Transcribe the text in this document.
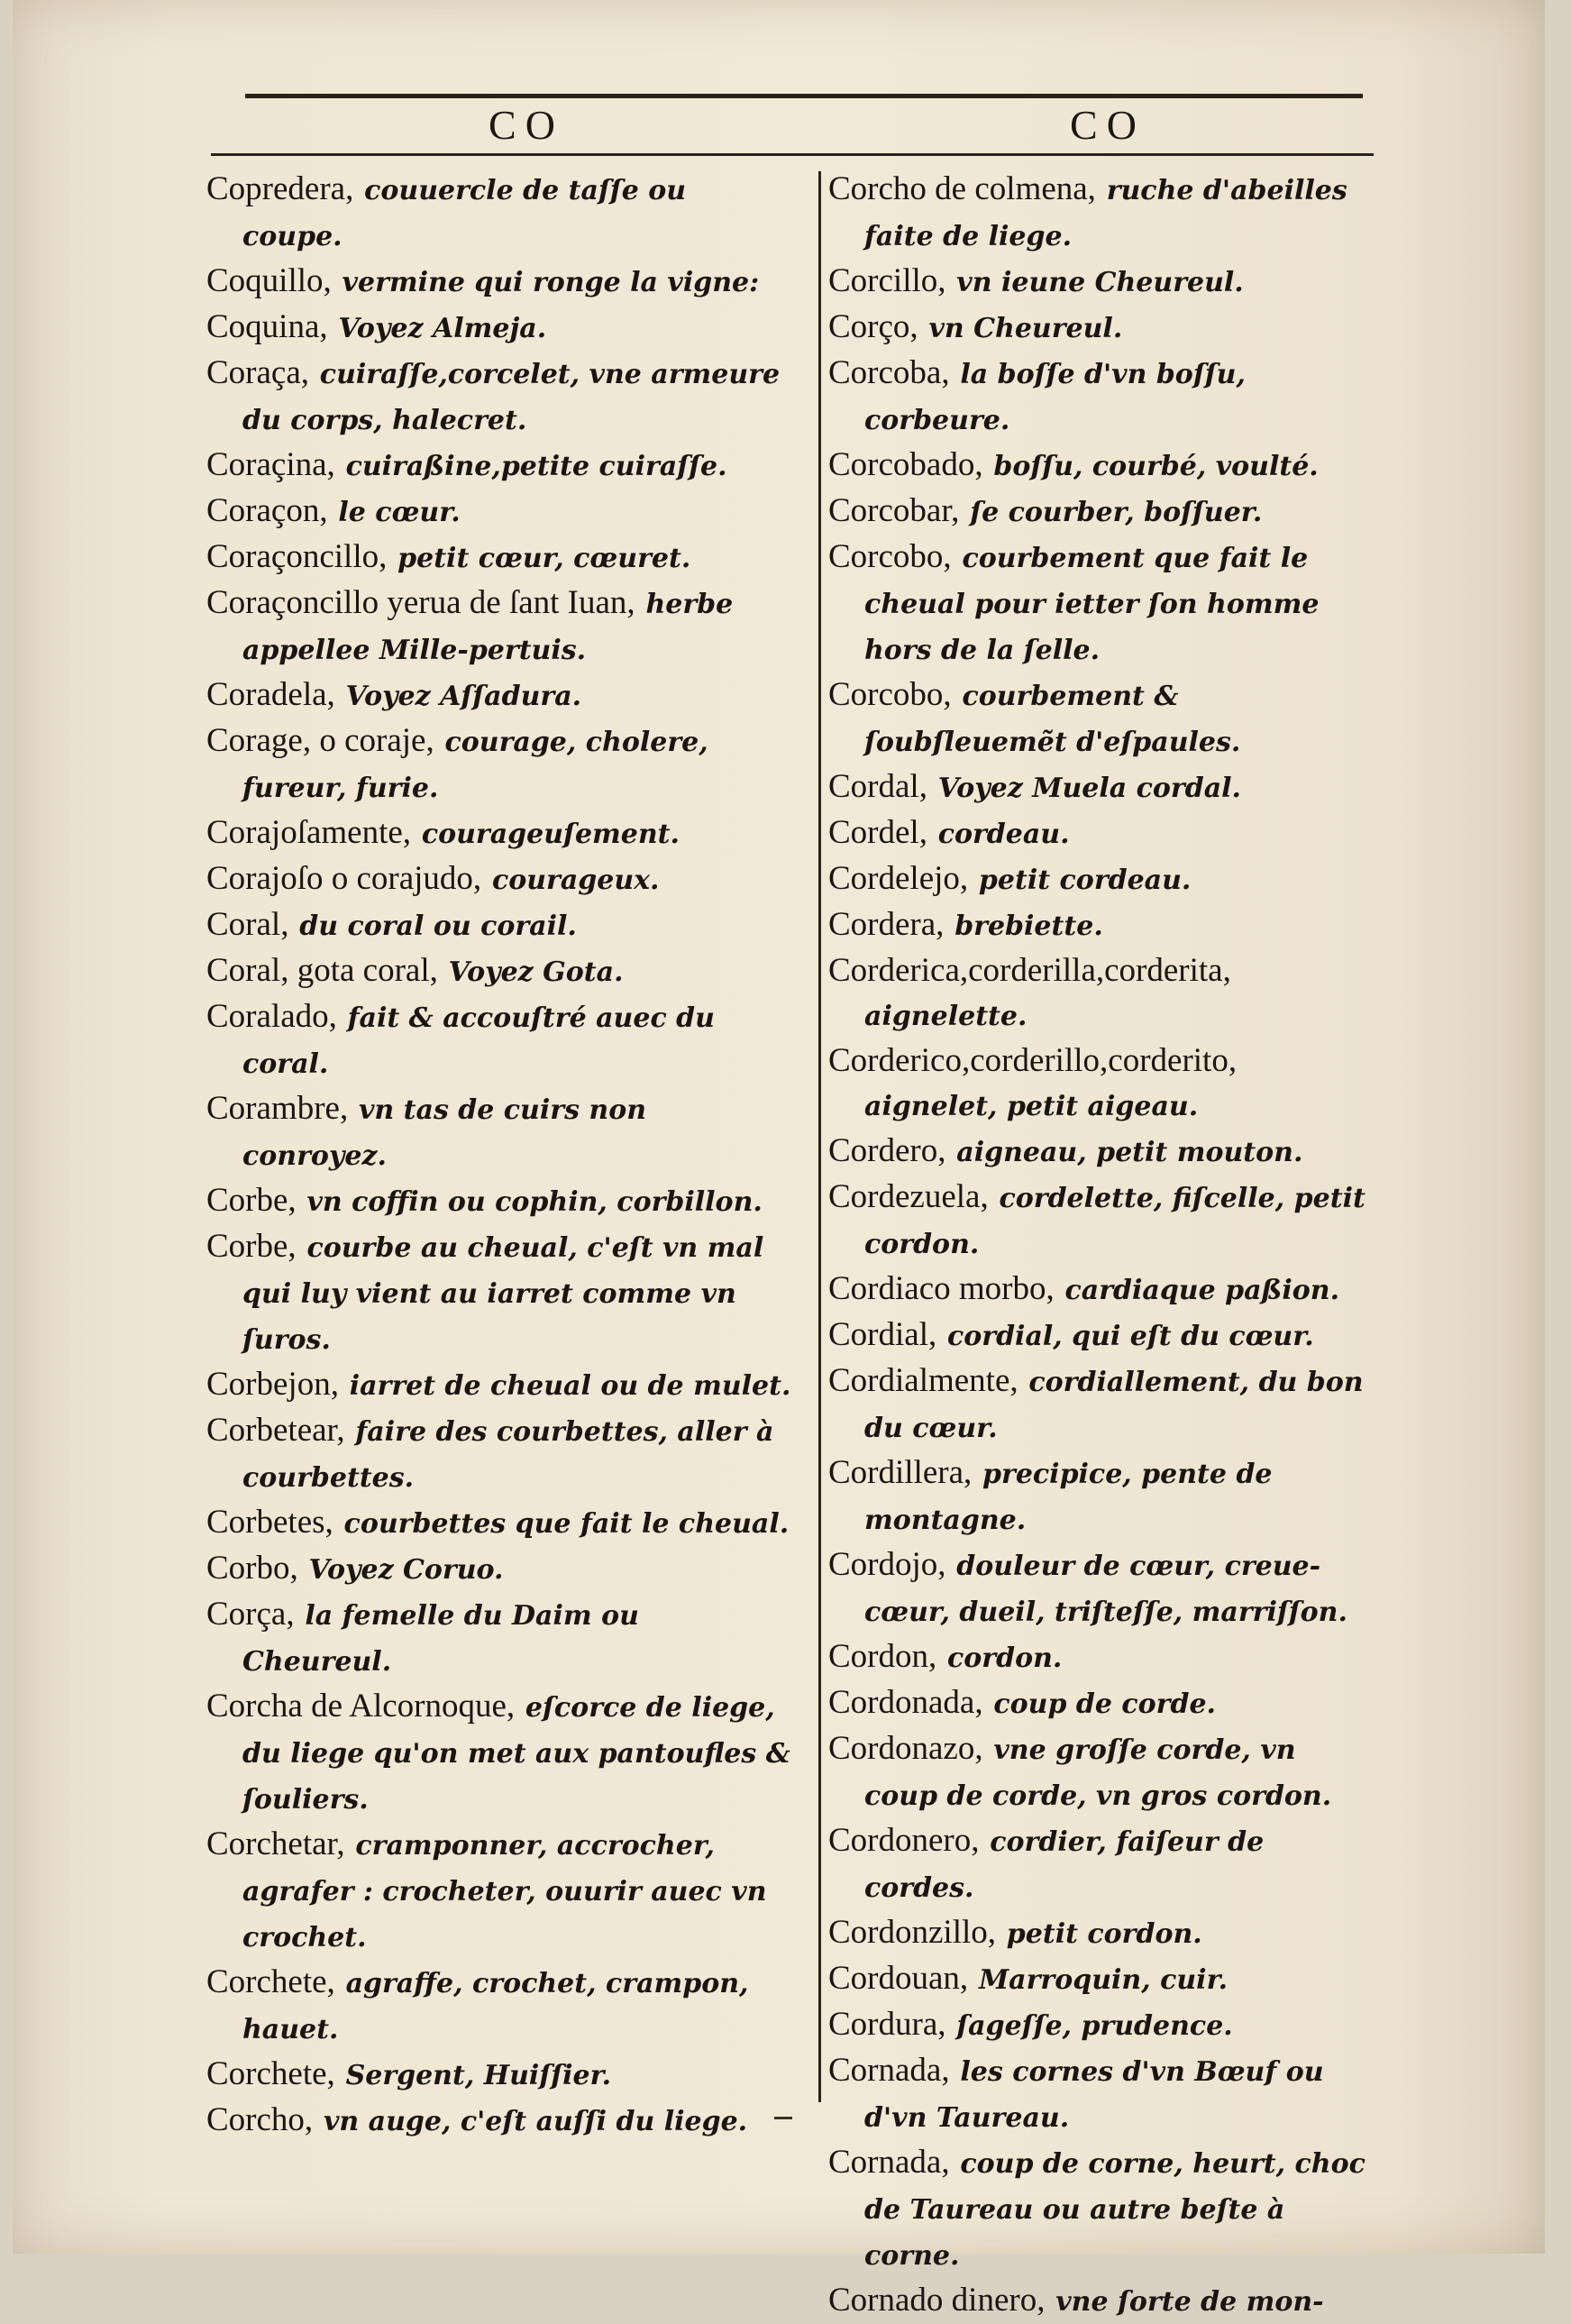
CO	CO

Copredera, couuercle de taſſe ou coupe.

Coquillo, vermine qui ronge la vigne:

Coquina, Voyez Almeja.

Coraça, cuiraſſe,corcelet, vne armeure du corps, halecret.

Coraçina, cuiraßine,petite cuiraſſe.

Coraçon, le cœur.

Coraçoncillo, petit cœur, cœuret.

Coraçoncillo yerua de ſant Iuan, herbe appellee Mille-pertuis.

Coradela, Voyez Aſſadura.

Corage, o coraje, courage, cholere, fureur, furie.

Corajoſamente, courageuſement.

Corajoſo o corajudo, courageux.

Coral, du coral ou corail.

Coral, gota coral, Voyez Gota.

Coralado, fait & accouſtré auec du coral.

Corambre, vn tas de cuirs non conroyez.

Corbe, vn coffin ou cophin, corbillon.

Corbe, courbe au cheual, c'eſt vn mal qui luy vient au iarret comme vn ſuros.

Corbejon, iarret de cheual ou de mulet.

Corbetear, faire des courbettes, aller à courbettes.

Corbetes, courbettes que fait le cheual.

Corbo, Voyez Coruo.

Corça, la femelle du Daim ou Cheureul.

Corcha de Alcornoque, eſcorce de liege, du liege qu'on met aux pantoufles & ſouliers.

Corchetar, cramponner, accrocher, agrafer : crocheter, ouurir auec vn crochet.

Corchete, agraffe, crochet, crampon, hauet.

Corchete, Sergent, Huiſſier.

Corcho, vn auge, c'eſt auſſi du liege.

Corcho de colmena, ruche d'abeilles faite de liege.

Corcillo, vn ieune Cheureul.

Corço, vn Cheureul.

Corcoba, la boſſe d'vn boſſu, corbeure.

Corcobado, boſſu, courbé, voulté.

Corcobar, ſe courber, boſſuer.

Corcobo, courbement que fait le cheual pour ietter ſon homme hors de la ſelle.

Corcobo, courbement & ſoubſleuemẽt d'eſpaules.

Cordal, Voyez Muela cordal.

Cordel, cordeau.

Cordelejo, petit cordeau.

Cordera, brebiette.

Corderica,corderilla,corderita, aignelette.

Corderico,corderillo,corderito, aignelet, petit aigeau.

Cordero, aigneau, petit mouton.

Cordezuela, cordelette, fiſcelle, petit cordon.

Cordiaco morbo, cardiaque paßion.

Cordial, cordial, qui eſt du cœur.

Cordialmente, cordiallement, du bon du cœur.

Cordillera, precipice, pente de montagne.

Cordojo, douleur de cœur, creue-cœur, dueil, triſteſſe, marriſſon.

Cordon, cordon.

Cordonada, coup de corde.

Cordonazo, vne groſſe corde, vn coup de corde, vn gros cordon.

Cordonero, cordier, faiſeur de cordes.

Cordonzillo, petit cordon.

Cordouan, Marroquin, cuir.

Cordura, ſageſſe, prudence.

Cornada, les cornes d'vn Bœuf ou d'vn Taureau.

Cornada, coup de corne, heurt, choc de Taureau ou autre beſte à corne.

Cornado dinero, vne ſorte de mon-
